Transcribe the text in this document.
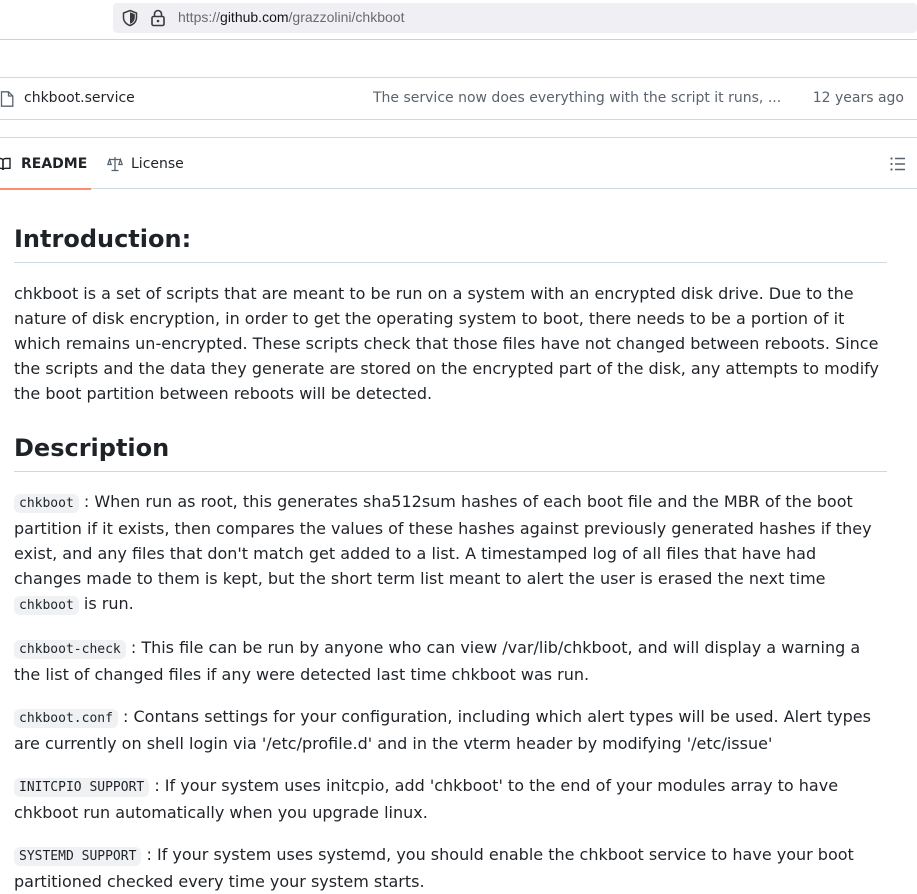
https://github.com/grazzolini/chkboot
chkboot.service	The service now does everything with the script it runs, ... 12 years ago
README	License
Introduction:

chkboot is a set of scripts that are meant to be run on a system with an encrypted disk drive. Due to the nature of disk encryption, in order to get the operating system to boot, there needs to be a portion of it which remains un-encrypted. These scripts check that those files have not changed between reboots. Since the scripts and the data they generate are stored on the encrypted part of the disk, any attempts to modify the boot partition between reboots will be detected.

Description

chkboot : When run as root, this generates sha512sum hashes of each boot file and the MBR of the boot partition if it exists, then compares the values of these hashes against previously generated hashes if they exist, and any files that don't match get added to a list. A timestamped log of all files that have had changes made to them is kept, but the short term list meant to alert the user is erased the next time chkboot is run.

chkboot-check : This file can be run by anyone who can view /var/lib/chkboot, and will display a warning a the list of changed files if any were detected last time chkboot was run.

chkboot.conf : Contans settings for your configuration, including which alert types will be used. Alert types are currently on shell login via '/etc/profile.d' and in the vterm header by modifying '/etc/issue'

INITCPIO SUPPORT : If your system uses initcpio, add 'chkboot' to the end of your modules array to have chkboot run automatically when you upgrade linux.

SYSTEMD SUPPORT : If your system uses systemd, you should enable the chkboot service to have your boot partitioned checked every time your system starts.
